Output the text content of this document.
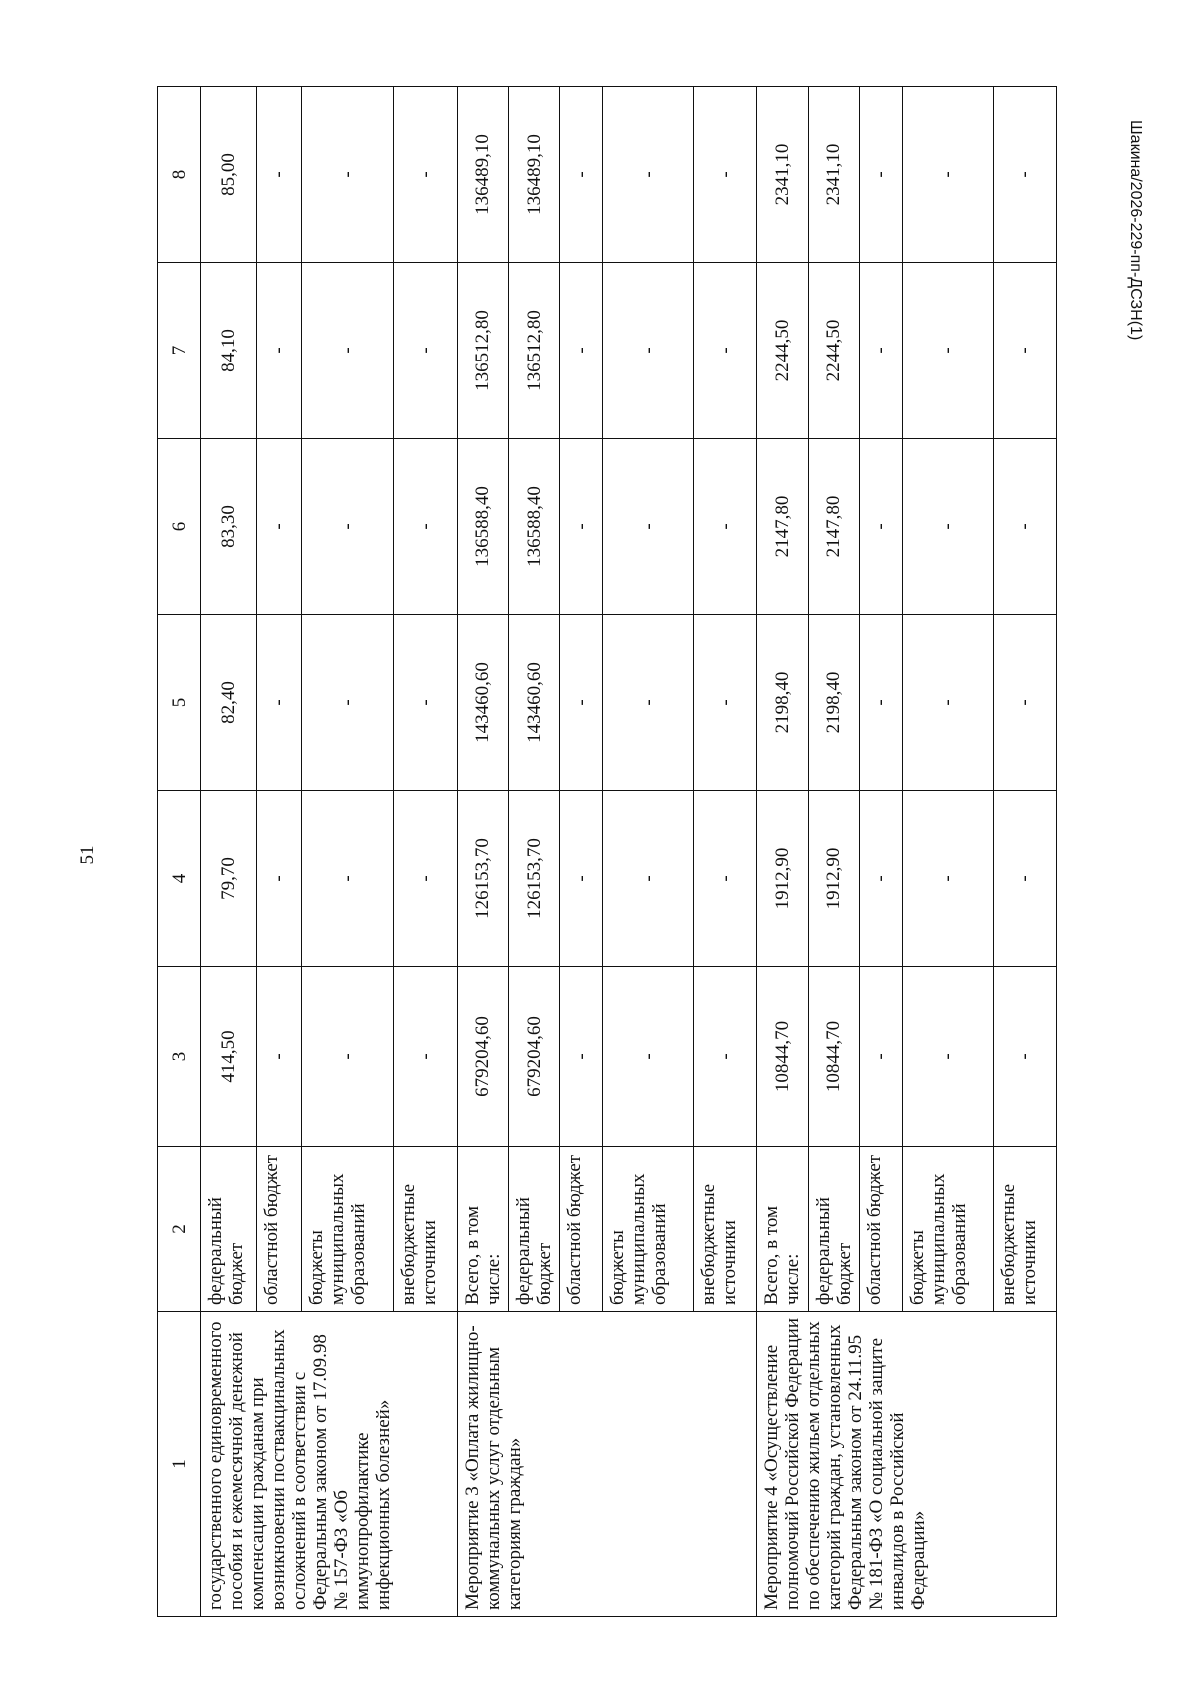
51
Шакина/2026-229-пп-ДСЗН(1)
1	2	3	4	5	6	7	8
государственного единовременного пособия и ежемесячной денежной компенсации гражданам при возникновении поствакцинальных осложнений в соответствии с Федеральным законом от 17.09.98 № 157-ФЗ «Об иммунопрофилактике инфекционных болезней»	федеральный бюджет	414,50	79,70	82,40	83,30	84,10	85,00
	областной бюджет	-	-	-	-	-	-
	бюджеты муниципальных образований	-	-	-	-	-	-
	внебюджетные источники	-	-	-	-	-	-
Мероприятие 3 «Оплата жилищно-коммунальных услуг отдельным категориям граждан»	Всего, в том числе:	679204,60	126153,70	143460,60	136588,40	136512,80	136489,10
	федеральный бюджет	679204,60	126153,70	143460,60	136588,40	136512,80	136489,10
	областной бюджет	-	-	-	-	-	-
	бюджеты муниципальных образований	-	-	-	-	-	-
	внебюджетные источники	-	-	-	-	-	-
Мероприятие 4 «Осуществление полномочий Российской Федерации по обеспечению жильем отдельных категорий граждан, установленных Федеральным законом от 24.11.95 № 181-ФЗ «О социальной защите инвалидов в Российской Федерации»	Всего, в том числе:	10844,70	1912,90	2198,40	2147,80	2244,50	2341,10
	федеральный бюджет	10844,70	1912,90	2198,40	2147,80	2244,50	2341,10
	областной бюджет	-	-	-	-	-	-
	бюджеты муниципальных образований	-	-	-	-	-	-
	внебюджетные источники	-	-	-	-	-	-
